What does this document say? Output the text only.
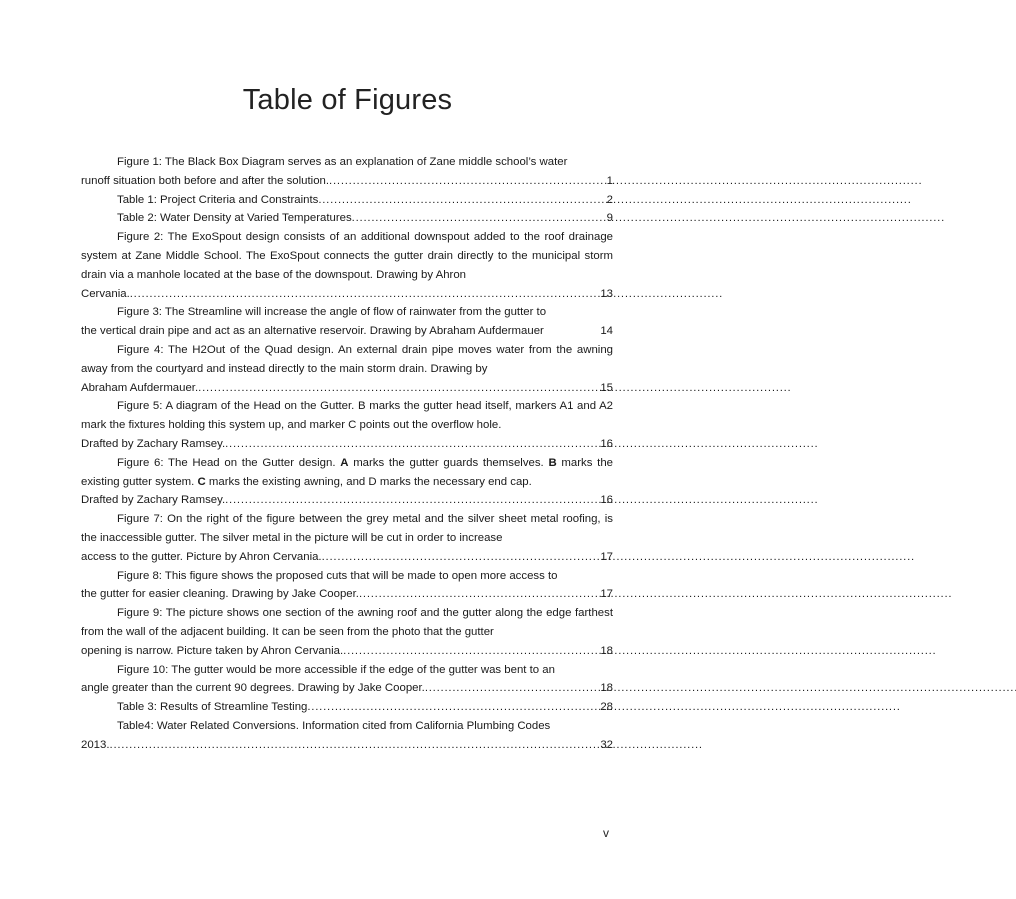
Table of Figures
Figure 1: The Black Box Diagram serves as an explanation of Zane middle school’s water
runoff situation both before and after the solution. . . .	1
Table 1: Project Criteria and Constraints . . .	2
Table 2: Water Density at Varied Temperatures . . .	9
Figure 2: The ExoSpout design consists of an additional downspout added to the roof drainage system at Zane Middle School. The ExoSpout connects the gutter drain directly to the municipal storm drain via a manhole located at the base of the downspout. Drawing by Ahron
Cervania. . . .	13
Figure 3: The Streamline will increase the angle of flow of rainwater from the gutter to
the vertical drain pipe and act as an alternative reservoir. Drawing by Abraham Aufdermauer	14
Figure 4: The H2Out of the Quad design. An external drain pipe moves water from the awning away from the courtyard and instead directly to the main storm drain. Drawing by
Abraham Aufdermauer. . . .	15
Figure 5: A diagram of the Head on the Gutter. B marks the gutter head itself, markers A1 and A2 mark the fixtures holding this system up, and marker C points out the overflow hole.
Drafted by Zachary Ramsey. . . .	16
Figure 6: The Head on the Gutter design. A marks the gutter guards themselves. B marks the existing gutter system. C marks the existing awning, and D marks the necessary end cap.
Drafted by Zachary Ramsey. . . .	16
Figure 7: On the right of the figure between the grey metal and the silver sheet metal roofing, is the inaccessible gutter. The silver metal in the picture will be cut in order to increase
access to the gutter. Picture by Ahron Cervania. . . .	17
Figure 8: This figure shows the proposed cuts that will be made to open more access to
the gutter for easier cleaning. Drawing by Jake Cooper. . . .	17
Figure 9: The picture shows one section of the awning roof and the gutter along the edge farthest from the wall of the adjacent building. It can be seen from the photo that the gutter
opening is narrow. Picture taken by Ahron Cervania. . . .	18
Figure 10: The gutter would be more accessible if the edge of the gutter was bent to an
angle greater than the current 90 degrees. Drawing by Jake Cooper. . . .	18
Table 3: Results of Streamline Testing . . .	28
Table4: Water Related Conversions. Information cited from California Plumbing Codes
2013. . . .	32
v
